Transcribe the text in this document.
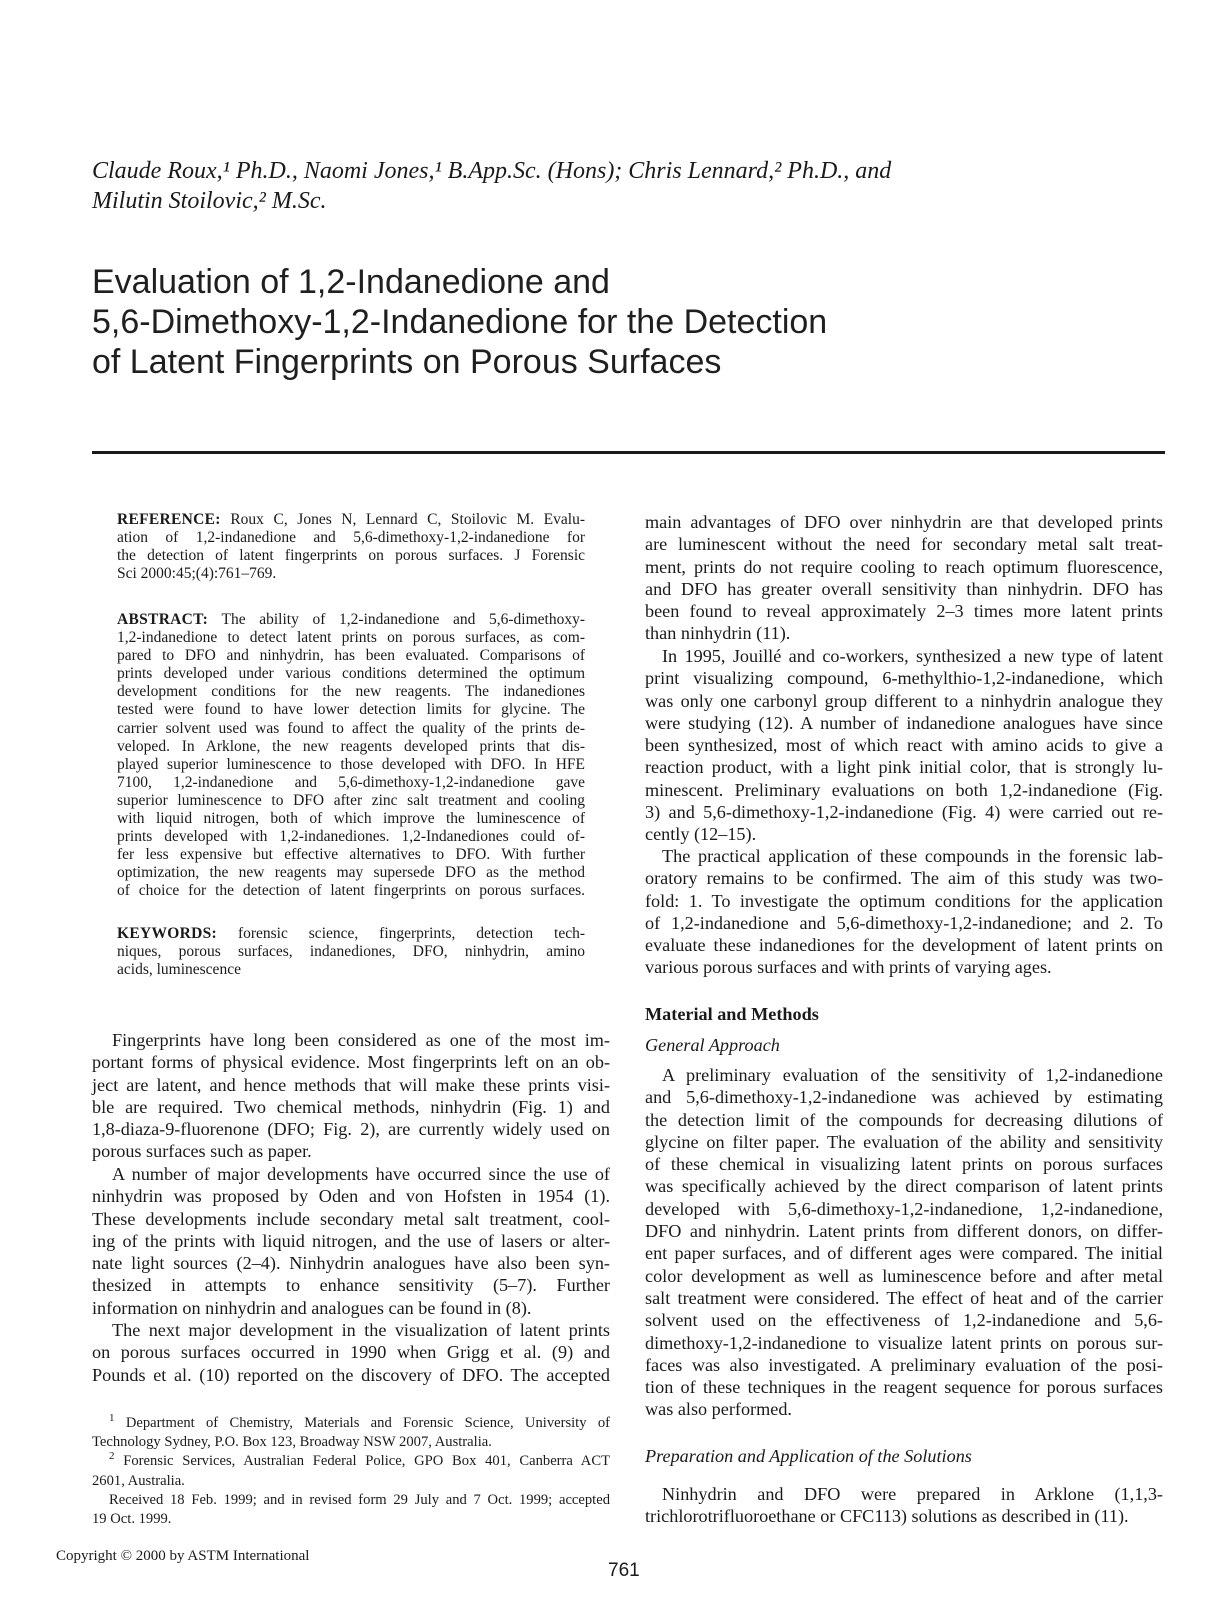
Claude Roux,¹ Ph.D., Naomi Jones,¹ B.App.Sc. (Hons); Chris Lennard,² Ph.D., and
Milutin Stoilovic,² M.Sc.
Evaluation of 1,2-Indanedione and
5,6-Dimethoxy-1,2-Indanedione for the Detection
of Latent Fingerprints on Porous Surfaces
REFERENCE: Roux C, Jones N, Lennard C, Stoilovic M. Evalu-
ation of 1,2-indanedione and 5,6-dimethoxy-1,2-indanedione for
the detection of latent fingerprints on porous surfaces. J Forensic
Sci 2000:45;(4):761–769.
ABSTRACT: The ability of 1,2-indanedione and 5,6-dimethoxy-
1,2-indanedione to detect latent prints on porous surfaces, as com-
pared to DFO and ninhydrin, has been evaluated. Comparisons of
prints developed under various conditions determined the optimum
development conditions for the new reagents. The indanediones
tested were found to have lower detection limits for glycine. The
carrier solvent used was found to affect the quality of the prints de-
veloped. In Arklone, the new reagents developed prints that dis-
played superior luminescence to those developed with DFO. In HFE
7100, 1,2-indanedione and 5,6-dimethoxy-1,2-indanedione gave
superior luminescence to DFO after zinc salt treatment and cooling
with liquid nitrogen, both of which improve the luminescence of
prints developed with 1,2-indanediones. 1,2-Indanediones could of-
fer less expensive but effective alternatives to DFO. With further
optimization, the new reagents may supersede DFO as the method
of choice for the detection of latent fingerprints on porous surfaces.
KEYWORDS: forensic science, fingerprints, detection tech-
niques, porous surfaces, indanediones, DFO, ninhydrin, amino
acids, luminescence
Fingerprints have long been considered as one of the most im-
portant forms of physical evidence. Most fingerprints left on an ob-
ject are latent, and hence methods that will make these prints visi-
ble are required. Two chemical methods, ninhydrin (Fig. 1) and
1,8-diaza-9-fluorenone (DFO; Fig. 2), are currently widely used on
porous surfaces such as paper.
A number of major developments have occurred since the use of
ninhydrin was proposed by Oden and von Hofsten in 1954 (1).
These developments include secondary metal salt treatment, cool-
ing of the prints with liquid nitrogen, and the use of lasers or alter-
nate light sources (2–4). Ninhydrin analogues have also been syn-
thesized in attempts to enhance sensitivity (5–7). Further
information on ninhydrin and analogues can be found in (8).
The next major development in the visualization of latent prints
on porous surfaces occurred in 1990 when Grigg et al. (9) and
Pounds et al. (10) reported on the discovery of DFO. The accepted
$^1$ Department of Chemistry, Materials and Forensic Science, University of
Technology Sydney, P.O. Box 123, Broadway NSW 2007, Australia.
$^2$ Forensic Services, Australian Federal Police, GPO Box 401, Canberra ACT
2601, Australia.
Received 18 Feb. 1999; and in revised form 29 July and 7 Oct. 1999; accepted
19 Oct. 1999.
main advantages of DFO over ninhydrin are that developed prints
are luminescent without the need for secondary metal salt treat-
ment, prints do not require cooling to reach optimum fluorescence,
and DFO has greater overall sensitivity than ninhydrin. DFO has
been found to reveal approximately 2–3 times more latent prints
than ninhydrin (11).
In 1995, Jouillé and co-workers, synthesized a new type of latent
print visualizing compound, 6-methylthio-1,2-indanedione, which
was only one carbonyl group different to a ninhydrin analogue they
were studying (12). A number of indanedione analogues have since
been synthesized, most of which react with amino acids to give a
reaction product, with a light pink initial color, that is strongly lu-
minescent. Preliminary evaluations on both 1,2-indanedione (Fig.
3) and 5,6-dimethoxy-1,2-indanedione (Fig. 4) were carried out re-
cently (12–15).
The practical application of these compounds in the forensic lab-
oratory remains to be confirmed. The aim of this study was two-
fold: 1. To investigate the optimum conditions for the application
of 1,2-indanedione and 5,6-dimethoxy-1,2-indanedione; and 2. To
evaluate these indanediones for the development of latent prints on
various porous surfaces and with prints of varying ages.
Material and Methods
General Approach
A preliminary evaluation of the sensitivity of 1,2-indanedione
and 5,6-dimethoxy-1,2-indanedione was achieved by estimating
the detection limit of the compounds for decreasing dilutions of
glycine on filter paper. The evaluation of the ability and sensitivity
of these chemical in visualizing latent prints on porous surfaces
was specifically achieved by the direct comparison of latent prints
developed with 5,6-dimethoxy-1,2-indanedione, 1,2-indanedione,
DFO and ninhydrin. Latent prints from different donors, on differ-
ent paper surfaces, and of different ages were compared. The initial
color development as well as luminescence before and after metal
salt treatment were considered. The effect of heat and of the carrier
solvent used on the effectiveness of 1,2-indanedione and 5,6-
dimethoxy-1,2-indanedione to visualize latent prints on porous sur-
faces was also investigated. A preliminary evaluation of the posi-
tion of these techniques in the reagent sequence for porous surfaces
was also performed.
Preparation and Application of the Solutions
Ninhydrin and DFO were prepared in Arklone (1,1,3-
trichlorotrifluoroethane or CFC113) solutions as described in (11).
Copyright © 2000 by ASTM International
761
